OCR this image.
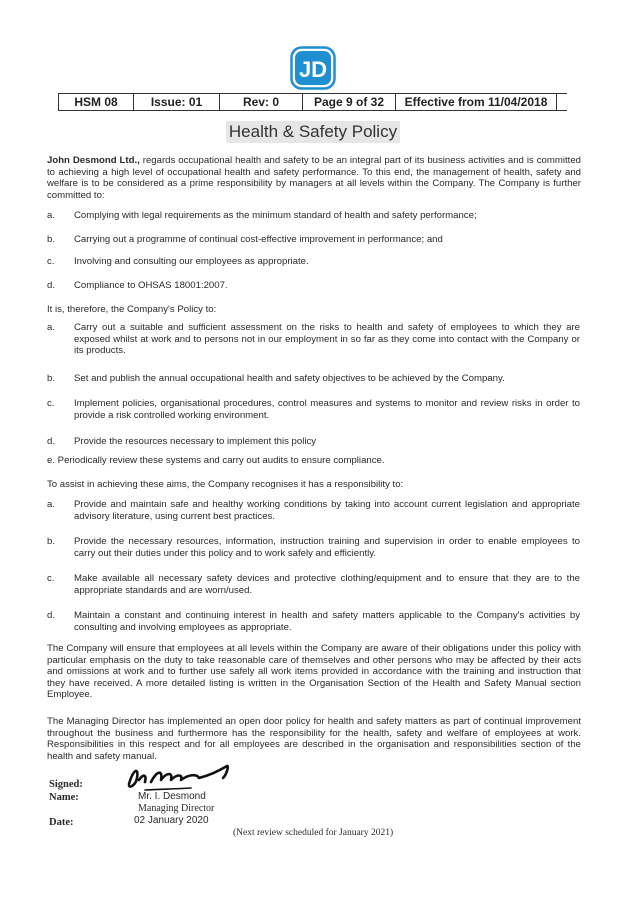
JD
HSM 08	Issue: 01	Rev: 0	Page 9 of 32	Effective from 11/04/2018
Health & Safety Policy
John Desmond Ltd., regards occupational health and safety to be an integral part of its business activities and is committed to achieving a high level of occupational health and safety performance. To this end, the management of health, safety and welfare is to be considered as a prime responsibility by managers at all levels within the Company. The Company is further committed to:
a.	Complying with legal requirements as the minimum standard of health and safety performance;
b.	Carrying out a programme of continual cost-effective improvement in performance; and
c.	Involving and consulting our employees as appropriate.
d.	Compliance to OHSAS 18001:2007.
It is, therefore, the Company's Policy to:
a.	Carry out a suitable and sufficient assessment on the risks to health and safety of employees to which they are exposed whilst at work and to persons not in our employment in so far as they come into contact with the Company or its products.
b.	Set and publish the annual occupational health and safety objectives to be achieved by the Company.
c.	Implement policies, organisational procedures, control measures and systems to monitor and review risks in order to provide a risk controlled working environment.
d.	Provide the resources necessary to implement this policy
e. Periodically review these systems and carry out audits to ensure compliance.
To assist in achieving these aims, the Company recognises it has a responsibility to:
a.	Provide and maintain safe and healthy working conditions by taking into account current legislation and appropriate advisory literature, using current best practices.
b.	Provide the necessary resources, information, instruction training and supervision in order to enable employees to carry out their duties under this policy and to work safely and efficiently.
c.	Make available all necessary safety devices and protective clothing/equipment and to ensure that they are to the appropriate standards and are worn/used.
d.	Maintain a constant and continuing interest in health and safety matters applicable to the Company's activities by consulting and involving employees as appropriate.
The Company will ensure that employees at all levels within the Company are aware of their obligations under this policy with particular emphasis on the duty to take reasonable care of themselves and other persons who may be affected by their acts and omissions at work and to further use safely all work items provided in accordance with the training and instruction that they have received. A more detailed listing is written in the Organisation Section of the Health and Safety Manual section Employee.
The Managing Director has implemented an open door policy for health and safety matters as part of continual improvement throughout the business and furthermore has the responsibility for the health, safety and welfare of employees at work. Responsibilities in this respect and for all employees are described in the organisation and responsibilities section of the health and safety manual.
Signed:
Name:	Mr. I. Desmond
Managing Director
Date:	02 January 2020
(Next review scheduled for January 2021)
